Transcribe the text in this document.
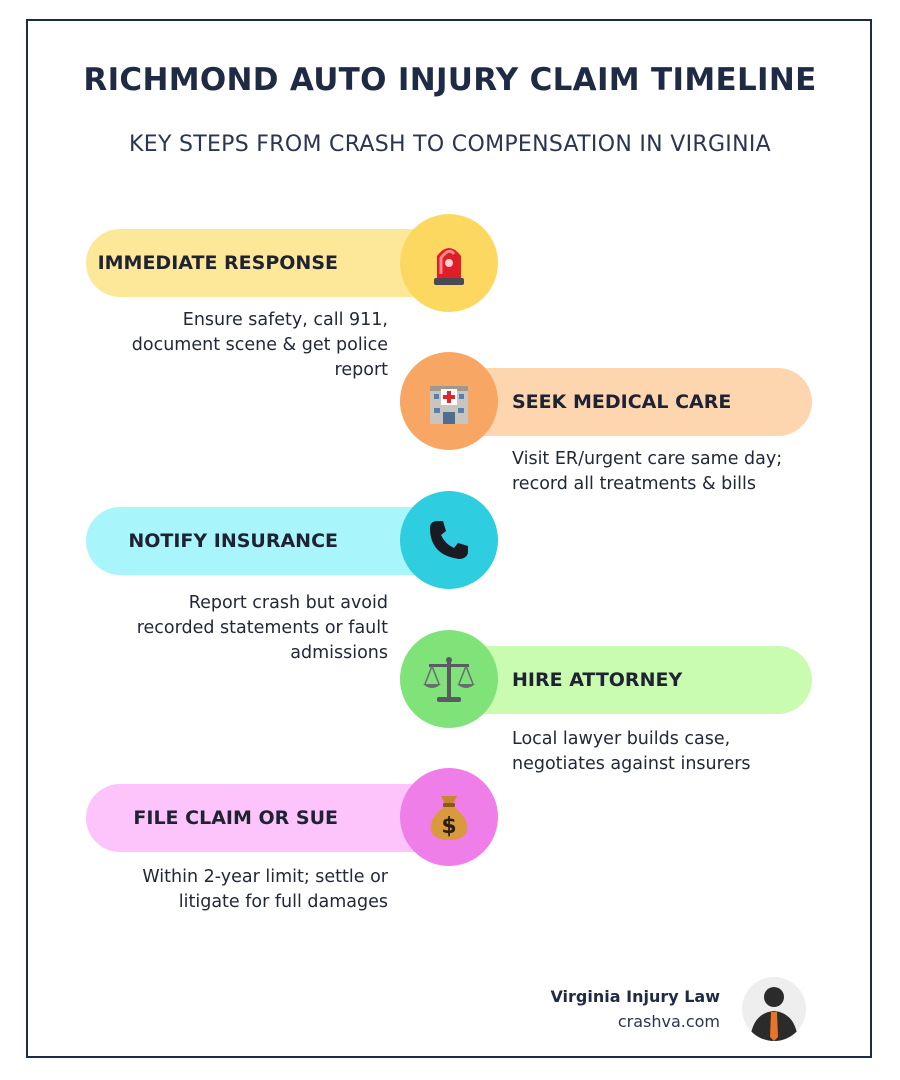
RICHMOND AUTO INJURY CLAIM TIMELINE
KEY STEPS FROM CRASH TO COMPENSATION IN VIRGINIA
IMMEDIATE RESPONSE
Ensure safety, call 911, document scene & get police report
SEEK MEDICAL CARE
Visit ER/urgent care same day; record all treatments & bills
NOTIFY INSURANCE
Report crash but avoid recorded statements or fault admissions
HIRE ATTORNEY
Local lawyer builds case, negotiates against insurers
FILE CLAIM OR SUE	$
Within 2-year limit; settle or litigate for full damages
Virginia Injury Law
crashva.com
